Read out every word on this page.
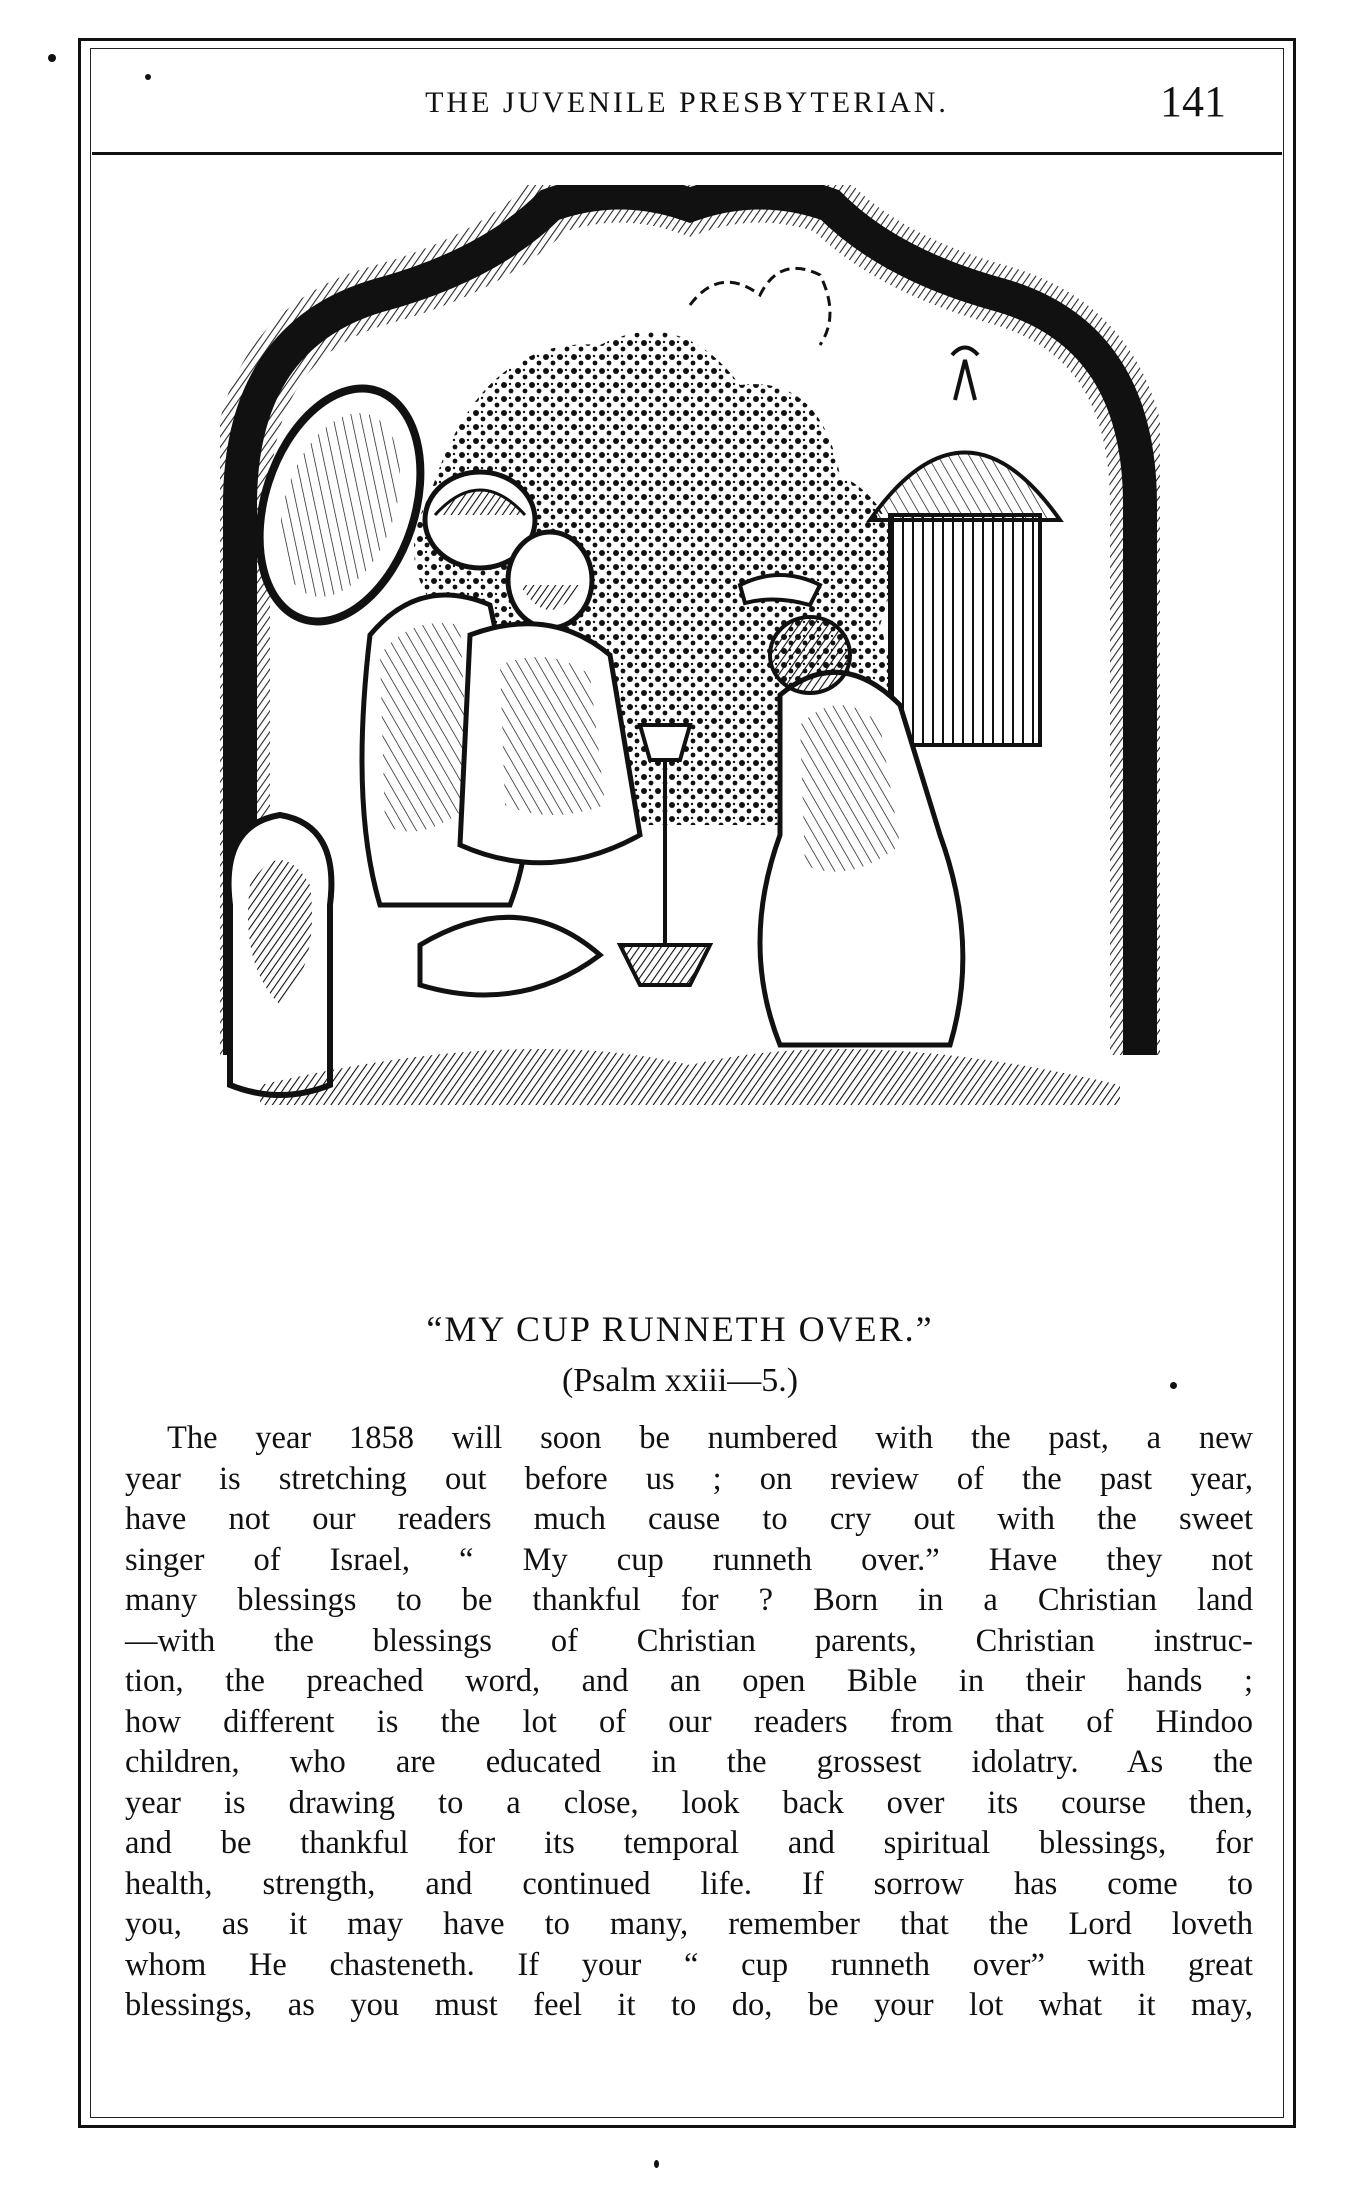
THE JUVENILE PRESBYTERIAN.	141
“MY CUP RUNNETH OVER.”
(Psalm xxiii—5.)
The year 1858 will soon be numbered with the past, a new
year is stretching out before us ; on review of the past year,
have not our readers much cause to cry out with the sweet
singer of Israel, “ My cup runneth over.” Have they not
many blessings to be thankful for ? Born in a Christian land
—with the blessings of Christian parents, Christian instruc-
tion, the preached word, and an open Bible in their hands ;
how different is the lot of our readers from that of Hindoo
children, who are educated in the grossest idolatry. As the
year is drawing to a close, look back over its course then,
and be thankful for its temporal and spiritual blessings, for
health, strength, and continued life. If sorrow has come to
you, as it may have to many, remember that the Lord loveth
whom He chasteneth. If your “ cup runneth over” with great
blessings, as you must feel it to do, be your lot what it may,
